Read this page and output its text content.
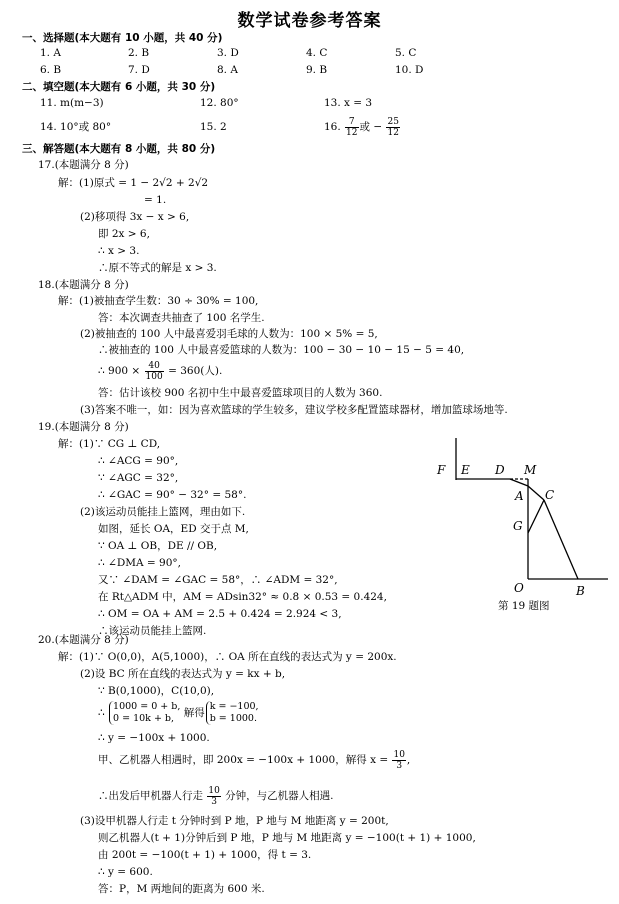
数学试卷参考答案
一、选择题(本大题有 10 小题，共 40 分)
1. A	2. B	3. D	4. C	5. C
6. B	7. D	8. A	9. B	10. D
二、填空题(本大题有 6 小题，共 30 分)
11. m(m−3)	12. 80°	13. x = 3
14. 10°或 80°	15. 2	16. $\frac{7}{12}$ 或 − $\frac{25}{12}$
三、解答题(本大题有 8 小题，共 80 分)
17.(本题满分 8 分)
解：(1)原式 = 1 − 2√2 + 2√2
= 1.
(2)移项得 3x − x > 6,
即 2x > 6,
∴ x > 3.
∴原不等式的解是 x > 3.
18.(本题满分 8 分)
解：(1)被抽查学生数：30 ÷ 30% = 100,
答：本次调查共抽查了 100 名学生.
(2)被抽查的 100 人中最喜爱羽毛球的人数为：100 × 5% = 5,
∴被抽查的 100 人中最喜爱篮球的人数为：100 − 30 − 10 − 15 − 5 = 40,
∴ $900 \times \frac{40}{100} = 360$(人).
答：估计该校 900 名初中生中最喜爱篮球项目的人数为 360.
(3)答案不唯一，如：因为喜欢篮球的学生较多，建议学校多配置篮球器材，增加篮球场地等.
19.(本题满分 8 分)
解：(1)∵ CG ⊥ CD,
∴ ∠ACG = 90°,
∵ ∠AGC = 32°,
∴ ∠GAC = 90° − 32° = 58°.
(2)该运动员能挂上篮网，理由如下.
如图，延长 OA，ED 交于点 M,
∵ OA ⊥ OB，DE // OB,
∴ ∠DMA = 90°,
又∵ ∠DAM = ∠GAC = 58°，∴ ∠ADM = 32°,
在 Rt△ADM 中，AM = ADsin32° ≈ 0.8 × 0.53 = 0.424,
∴ OM = OA + AM = 2.5 + 0.424 = 2.924 < 3,
∴该运动员能挂上篮网.
F E D M
A C
G
O	B
第 19 题图
20.(本题满分 8 分)
解：(1)∵ O(0,0)，A(5,1000)，∴ OA 所在直线的表达式为 y = 200x.
(2)设 BC 所在直线的表达式为 y = kx + b,
∵ B(0,1000)，C(10,0),
∴
1000 = 0 + b,
0 = 10k + b, 解得
k = −100,
b = 1000.
∴ y = −100x + 1000.
甲、乙机器人相遇时，即 200x = −100x + 1000，解得 $x = \frac{10}{3}$ ,
∴出发后甲机器人行走 $\frac{10}{3}$ 分钟，与乙机器人相遇.
(3)设甲机器人行走 t 分钟时到 P 地，P 地与 M 地距离 y = 200t,
则乙机器人(t + 1)分钟后到 P 地，P 地与 M 地距离 y = −100(t + 1) + 1000,
由 200t = −100(t + 1) + 1000，得 t = 3.
∴ y = 600.
答：P，M 两地间的距离为 600 米.
